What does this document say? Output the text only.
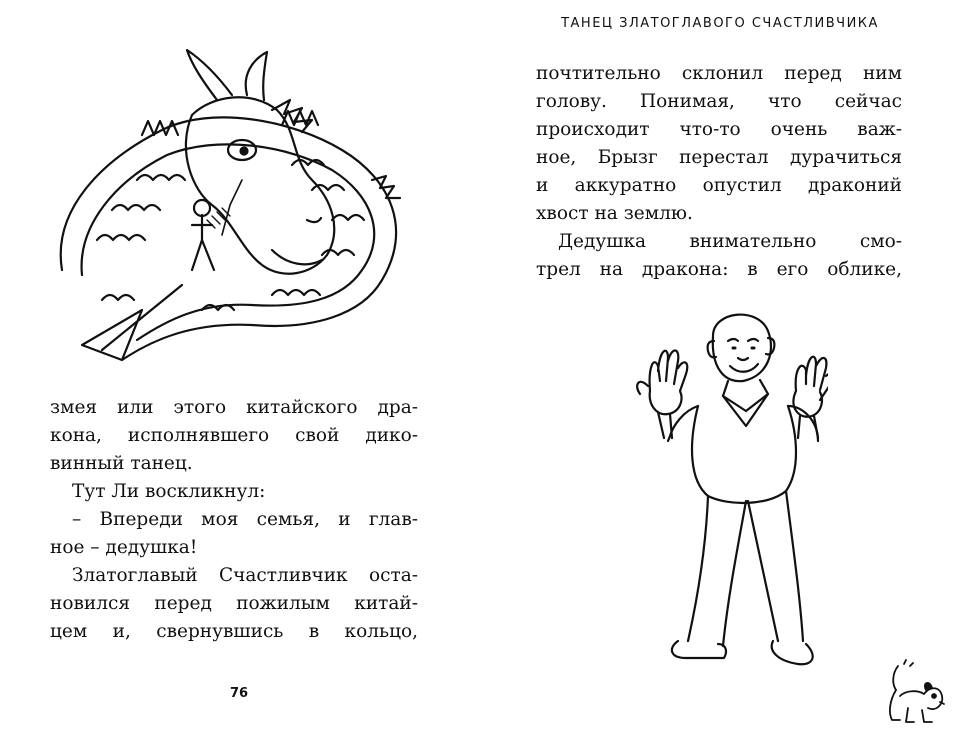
змея или этого китайского дра-

кона, исполнявшего свой дико-

винный танец.

Тут Ли воскликнул:

– Впереди моя семья, и глав-

ное – дедушка!

Златоглавый Счастливчик оста-

новился перед пожилым китай-

цем и, свернувшись в кольцо,

76
ТАНЕЦ ЗЛАТОГЛАВОГО СЧАСТЛИВЧИКА

почтительно склонил перед ним

голову. Понимая, что сейчас

происходит что-то очень важ-

ное, Брызг перестал дурачиться

и аккуратно опустил драконий

хвост на землю.

Дедушка внимательно смо-

трел на дракона: в его облике,
